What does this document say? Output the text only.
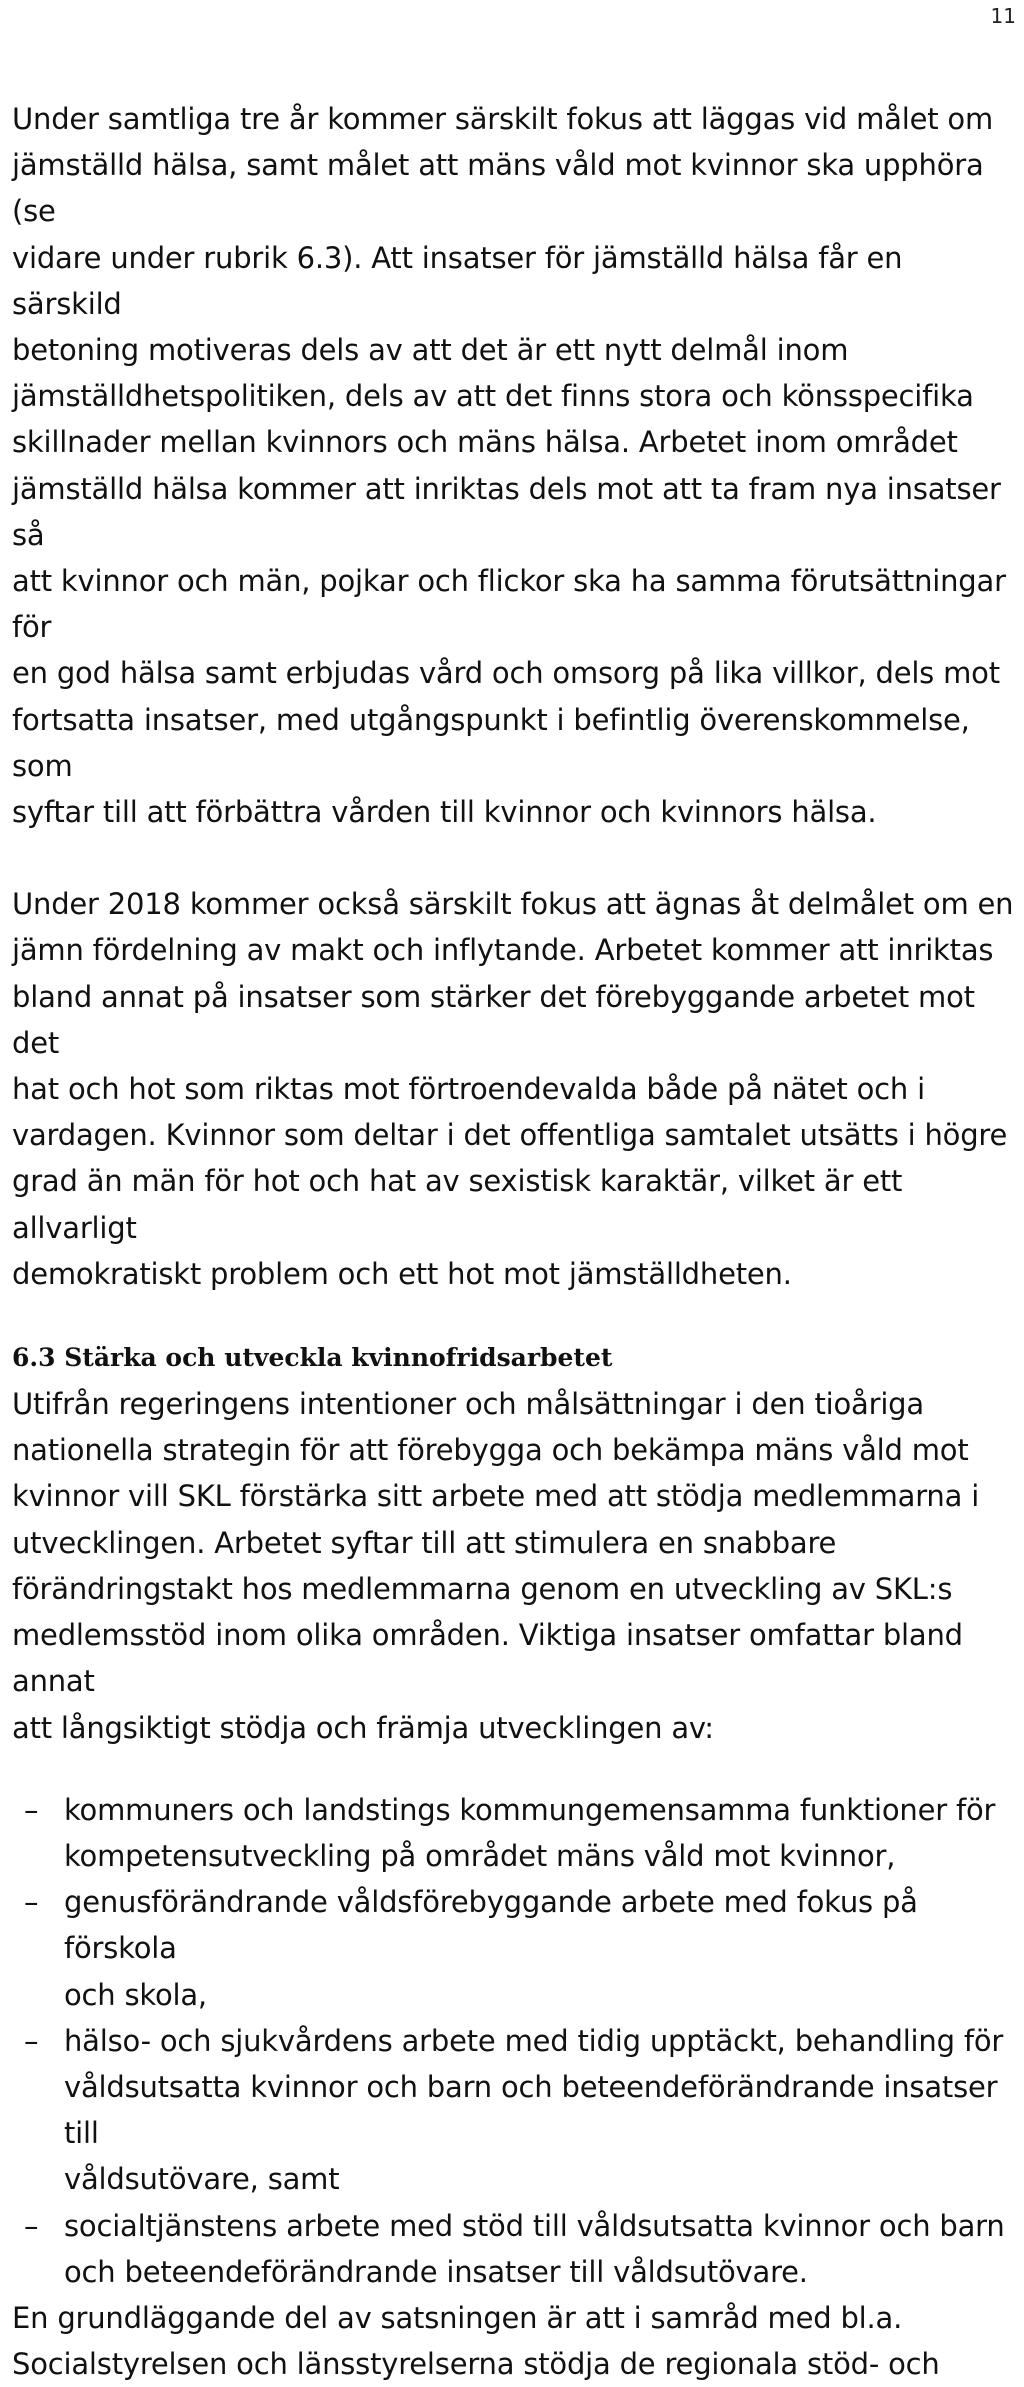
11

Under samtliga tre år kommer särskilt fokus att läggas vid målet om
jämställd hälsa, samt målet att mäns våld mot kvinnor ska upphöra (se
vidare under rubrik 6.3). Att insatser för jämställd hälsa får en särskild
betoning motiveras dels av att det är ett nytt delmål inom
jämställdhetspolitiken, dels av att det finns stora och könsspecifika
skillnader mellan kvinnors och mäns hälsa. Arbetet inom området
jämställd hälsa kommer att inriktas dels mot att ta fram nya insatser så
att kvinnor och män, pojkar och flickor ska ha samma förutsättningar för
en god hälsa samt erbjudas vård och omsorg på lika villkor, dels mot
fortsatta insatser, med utgångspunkt i befintlig överenskommelse, som
syftar till att förbättra vården till kvinnor och kvinnors hälsa.

Under 2018 kommer också särskilt fokus att ägnas åt delmålet om en
jämn fördelning av makt och inflytande. Arbetet kommer att inriktas
bland annat på insatser som stärker det förebyggande arbetet mot det
hat och hot som riktas mot förtroendevalda både på nätet och i
vardagen. Kvinnor som deltar i det offentliga samtalet utsätts i högre
grad än män för hot och hat av sexistisk karaktär, vilket är ett allvarligt
demokratiskt problem och ett hot mot jämställdheten.

6.3 Stärka och utveckla kvinnofridsarbetet

Utifrån regeringens intentioner och målsättningar i den tioåriga
nationella strategin för att förebygga och bekämpa mäns våld mot
kvinnor vill SKL förstärka sitt arbete med att stödja medlemmarna i
utvecklingen. Arbetet syftar till att stimulera en snabbare
förändringstakt hos medlemmarna genom en utveckling av SKL:s
medlemsstöd inom olika områden. Viktiga insatser omfattar bland annat
att långsiktigt stödja och främja utvecklingen av:

– kommuners och landstings kommungemensamma funktioner för
kompetensutveckling på området mäns våld mot kvinnor,
– genusförändrande våldsförebyggande arbete med fokus på förskola
och skola,
– hälso- och sjukvårdens arbete med tidig upptäckt, behandling för
våldsutsatta kvinnor och barn och beteendeförändrande insatser till
våldsutövare, samt
– socialtjänstens arbete med stöd till våldsutsatta kvinnor och barn
och beteendeförändrande insatser till våldsutövare.

En grundläggande del av satsningen är att i samråd med bl.a.
Socialstyrelsen och länsstyrelserna stödja de regionala stöd- och
